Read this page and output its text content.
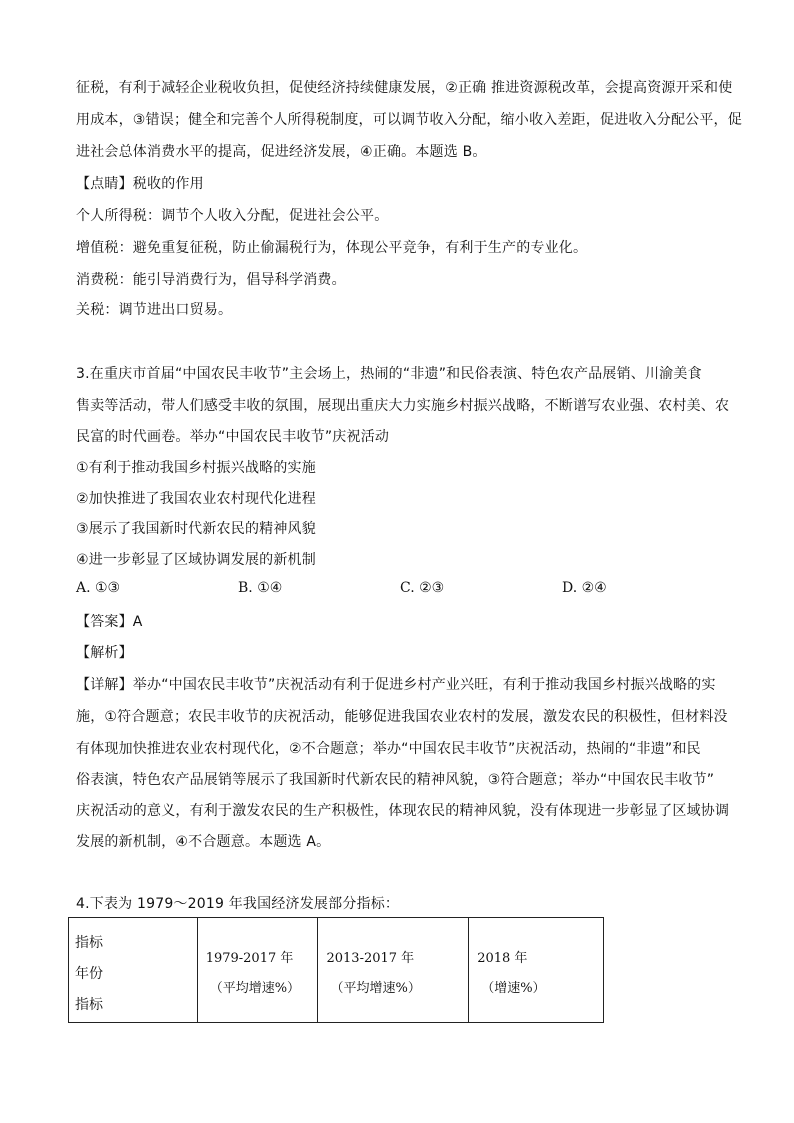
征税，有利于减轻企业税收负担，促使经济持续健康发展，②正确 推进资源税改革，会提高资源开采和使
用成本，③错误；健全和完善个人所得税制度，可以调节收入分配，缩小收入差距，促进收入分配公平，促
进社会总体消费水平的提高，促进经济发展，④正确。本题选 B。
【点睛】税收的作用
个人所得税：调节个人收入分配，促进社会公平。
增值税：避免重复征税，防止偷漏税行为，体现公平竞争，有利于生产的专业化。
消费税：能引导消费行为，倡导科学消费。
关税：调节进出口贸易。
3.在重庆市首届“中国农民丰收节”主会场上，热闹的“非遗”和民俗表演、特色农产品展销、川渝美食
售卖等活动，带人们感受丰收的氛围，展现出重庆大力实施乡村振兴战略，不断谱写农业强、农村美、农
民富的时代画卷。举办“中国农民丰收节”庆祝活动
①有利于推动我国乡村振兴战略的实施
②加快推进了我国农业农村现代化进程
③展示了我国新时代新农民的精神风貌
④进一步彰显了区域协调发展的新机制
A. ①③	B. ①④	C. ②③	D. ②④
【答案】A
【解析】
【详解】举办“中国农民丰收节”庆祝活动有利于促进乡村产业兴旺，有利于推动我国乡村振兴战略的实
施，①符合题意；农民丰收节的庆祝活动，能够促进我国农业农村的发展，激发农民的积极性，但材料没
有体现加快推进农业农村现代化，②不合题意；举办“中国农民丰收节”庆祝活动，热闹的“非遗”和民
俗表演，特色农产品展销等展示了我国新时代新农民的精神风貌，③符合题意；举办“中国农民丰收节”
庆祝活动的意义，有利于激发农民的生产积极性，体现农民的精神风貌，没有体现进一步彰显了区域协调
发展的新机制，④不合题意。本题选 A。
4.下表为 1979～2019 年我国经济发展部分指标：
指标
年份
指标

1979-2017 年
（平均增速%）

2013-2017 年
（平均增速%）

2018 年
（增速%）
